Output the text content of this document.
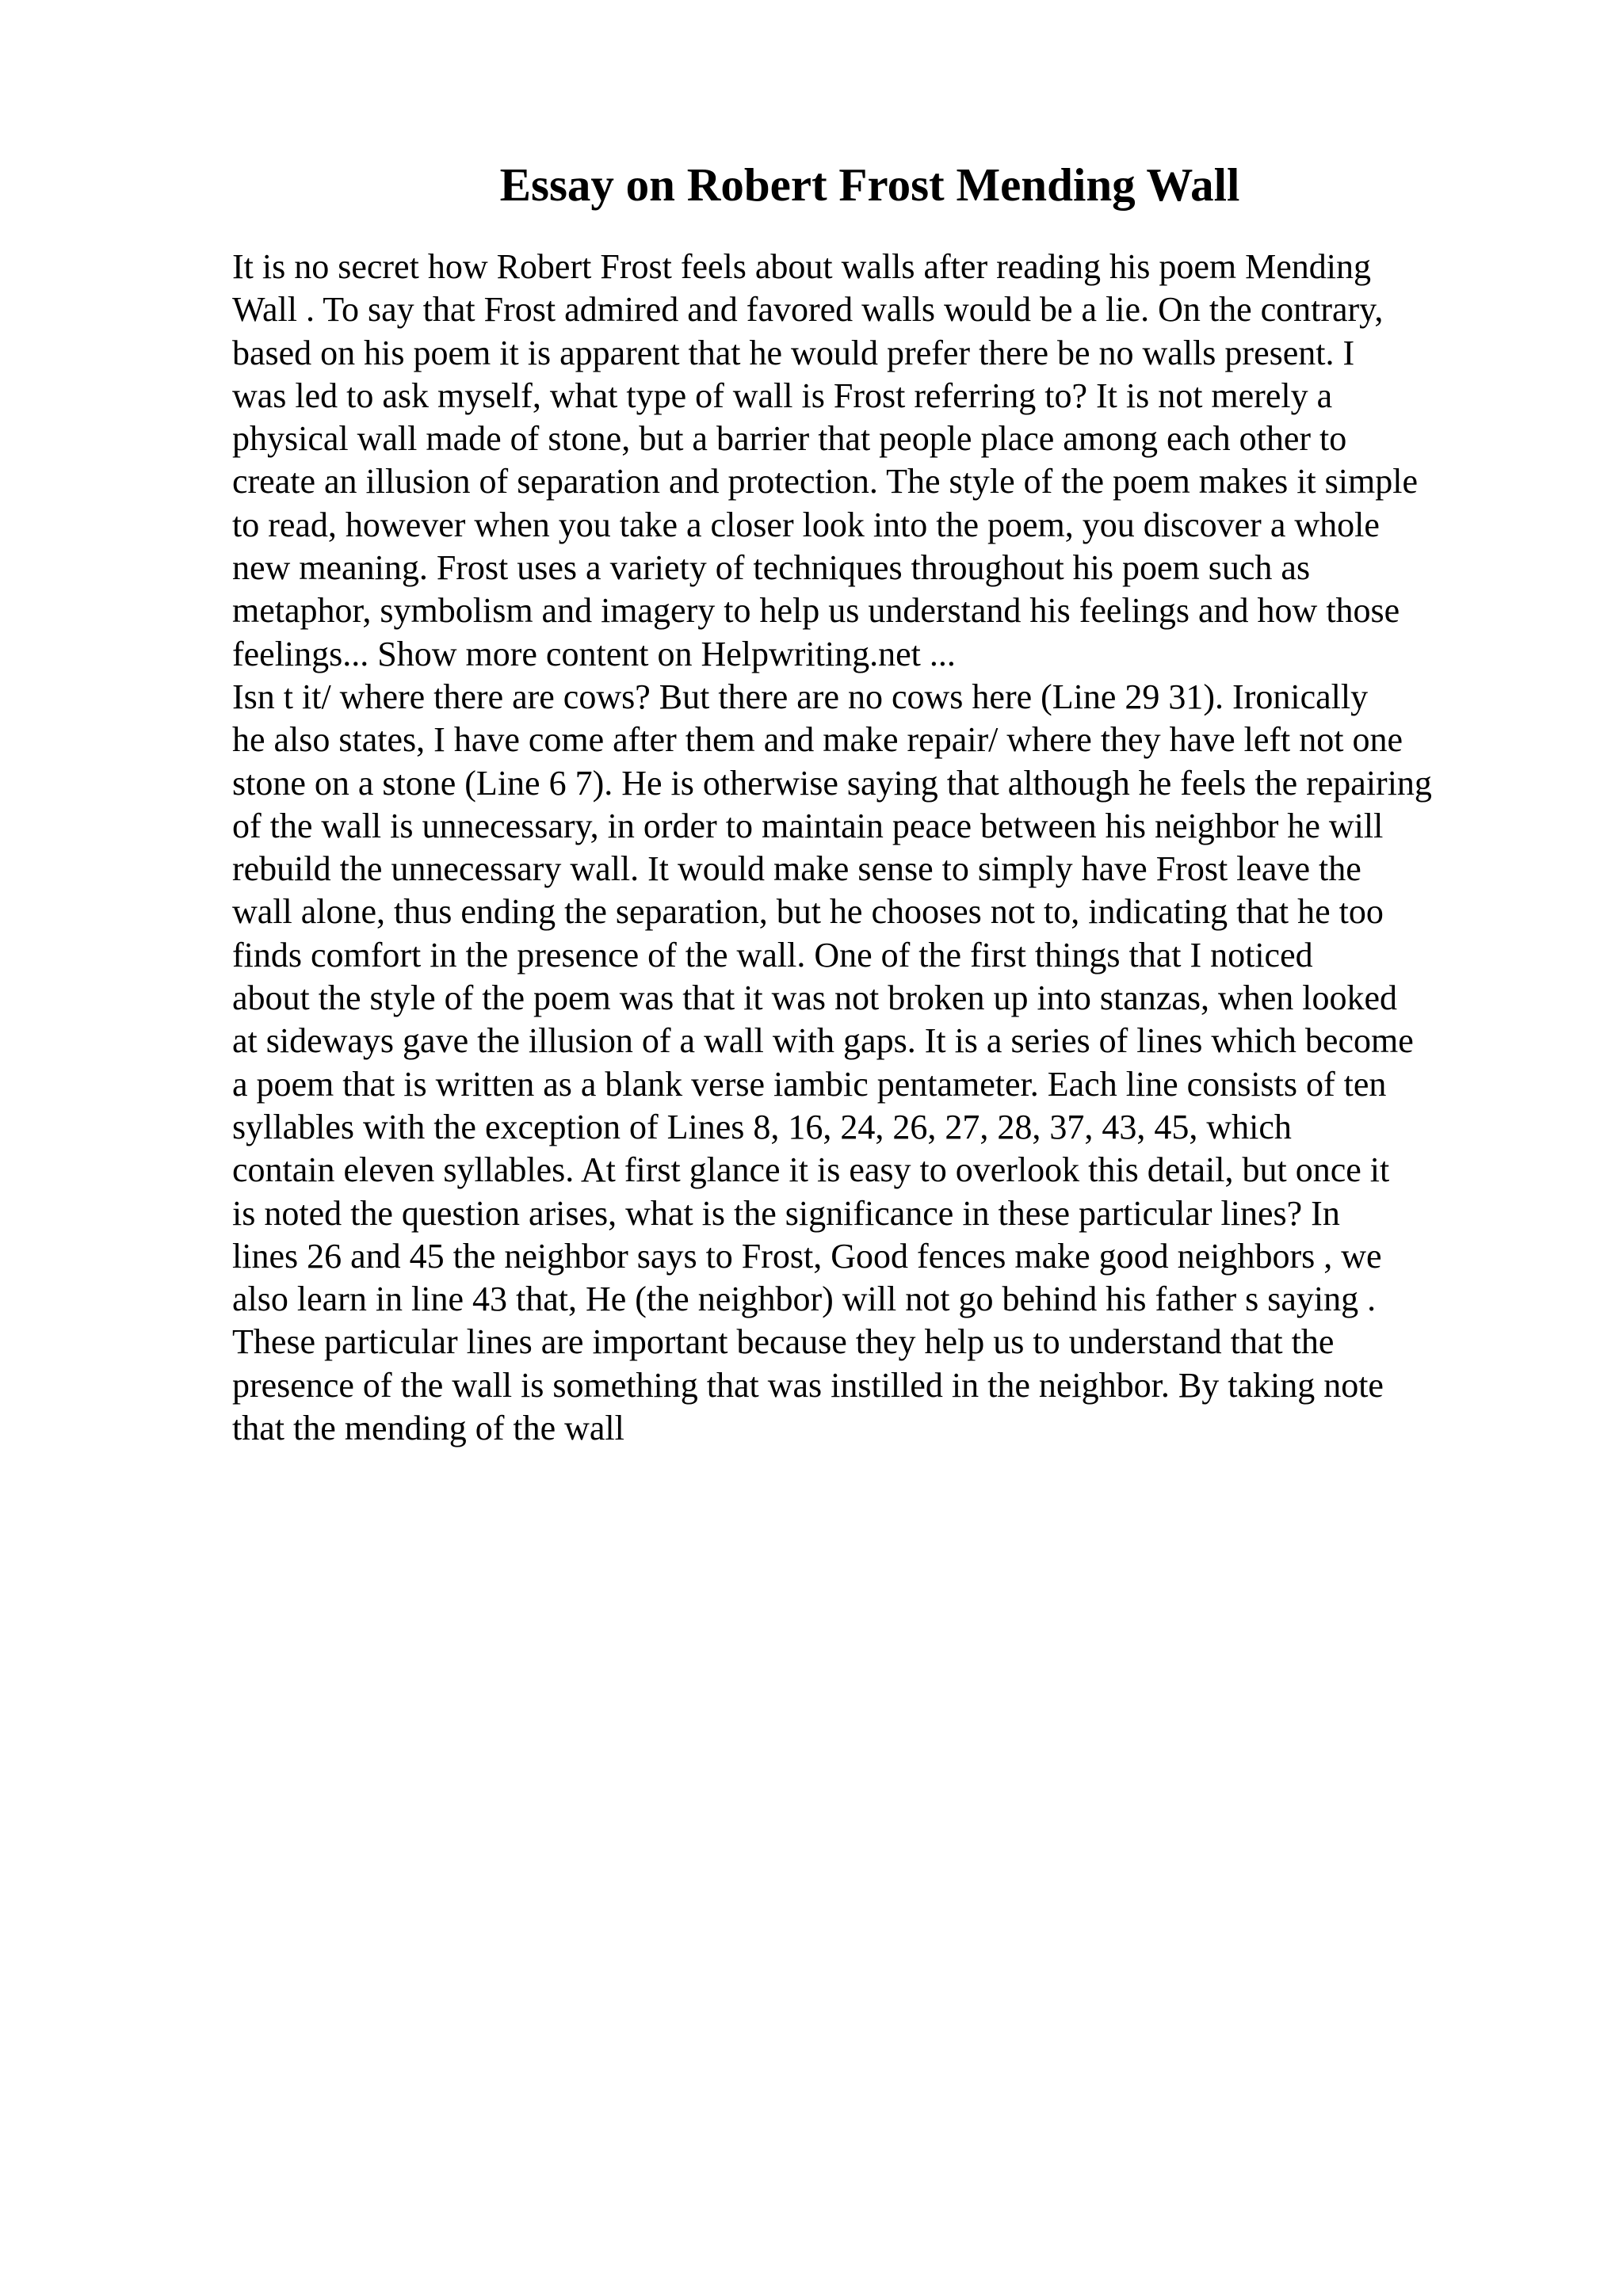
Essay on Robert Frost Mending Wall
It is no secret how Robert Frost feels about walls after reading his poem Mending
Wall . To say that Frost admired and favored walls would be a lie. On the contrary,
based on his poem it is apparent that he would prefer there be no walls present. I
was led to ask myself, what type of wall is Frost referring to? It is not merely a
physical wall made of stone, but a barrier that people place among each other to
create an illusion of separation and protection. The style of the poem makes it simple
to read, however when you take a closer look into the poem, you discover a whole
new meaning. Frost uses a variety of techniques throughout his poem such as
metaphor, symbolism and imagery to help us understand his feelings and how those
feelings... Show more content on Helpwriting.net ...
Isn t it/ where there are cows? But there are no cows here (Line 29 31). Ironically
he also states, I have come after them and make repair/ where they have left not one
stone on a stone (Line 6 7). He is otherwise saying that although he feels the repairing
of the wall is unnecessary, in order to maintain peace between his neighbor he will
rebuild the unnecessary wall. It would make sense to simply have Frost leave the
wall alone, thus ending the separation, but he chooses not to, indicating that he too
finds comfort in the presence of the wall. One of the first things that I noticed
about the style of the poem was that it was not broken up into stanzas, when looked
at sideways gave the illusion of a wall with gaps. It is a series of lines which become
a poem that is written as a blank verse iambic pentameter. Each line consists of ten
syllables with the exception of Lines 8, 16, 24, 26, 27, 28, 37, 43, 45, which
contain eleven syllables. At first glance it is easy to overlook this detail, but once it
is noted the question arises, what is the significance in these particular lines? In
lines 26 and 45 the neighbor says to Frost, Good fences make good neighbors , we
also learn in line 43 that, He (the neighbor) will not go behind his father s saying .
These particular lines are important because they help us to understand that the
presence of the wall is something that was instilled in the neighbor. By taking note
that the mending of the wall
